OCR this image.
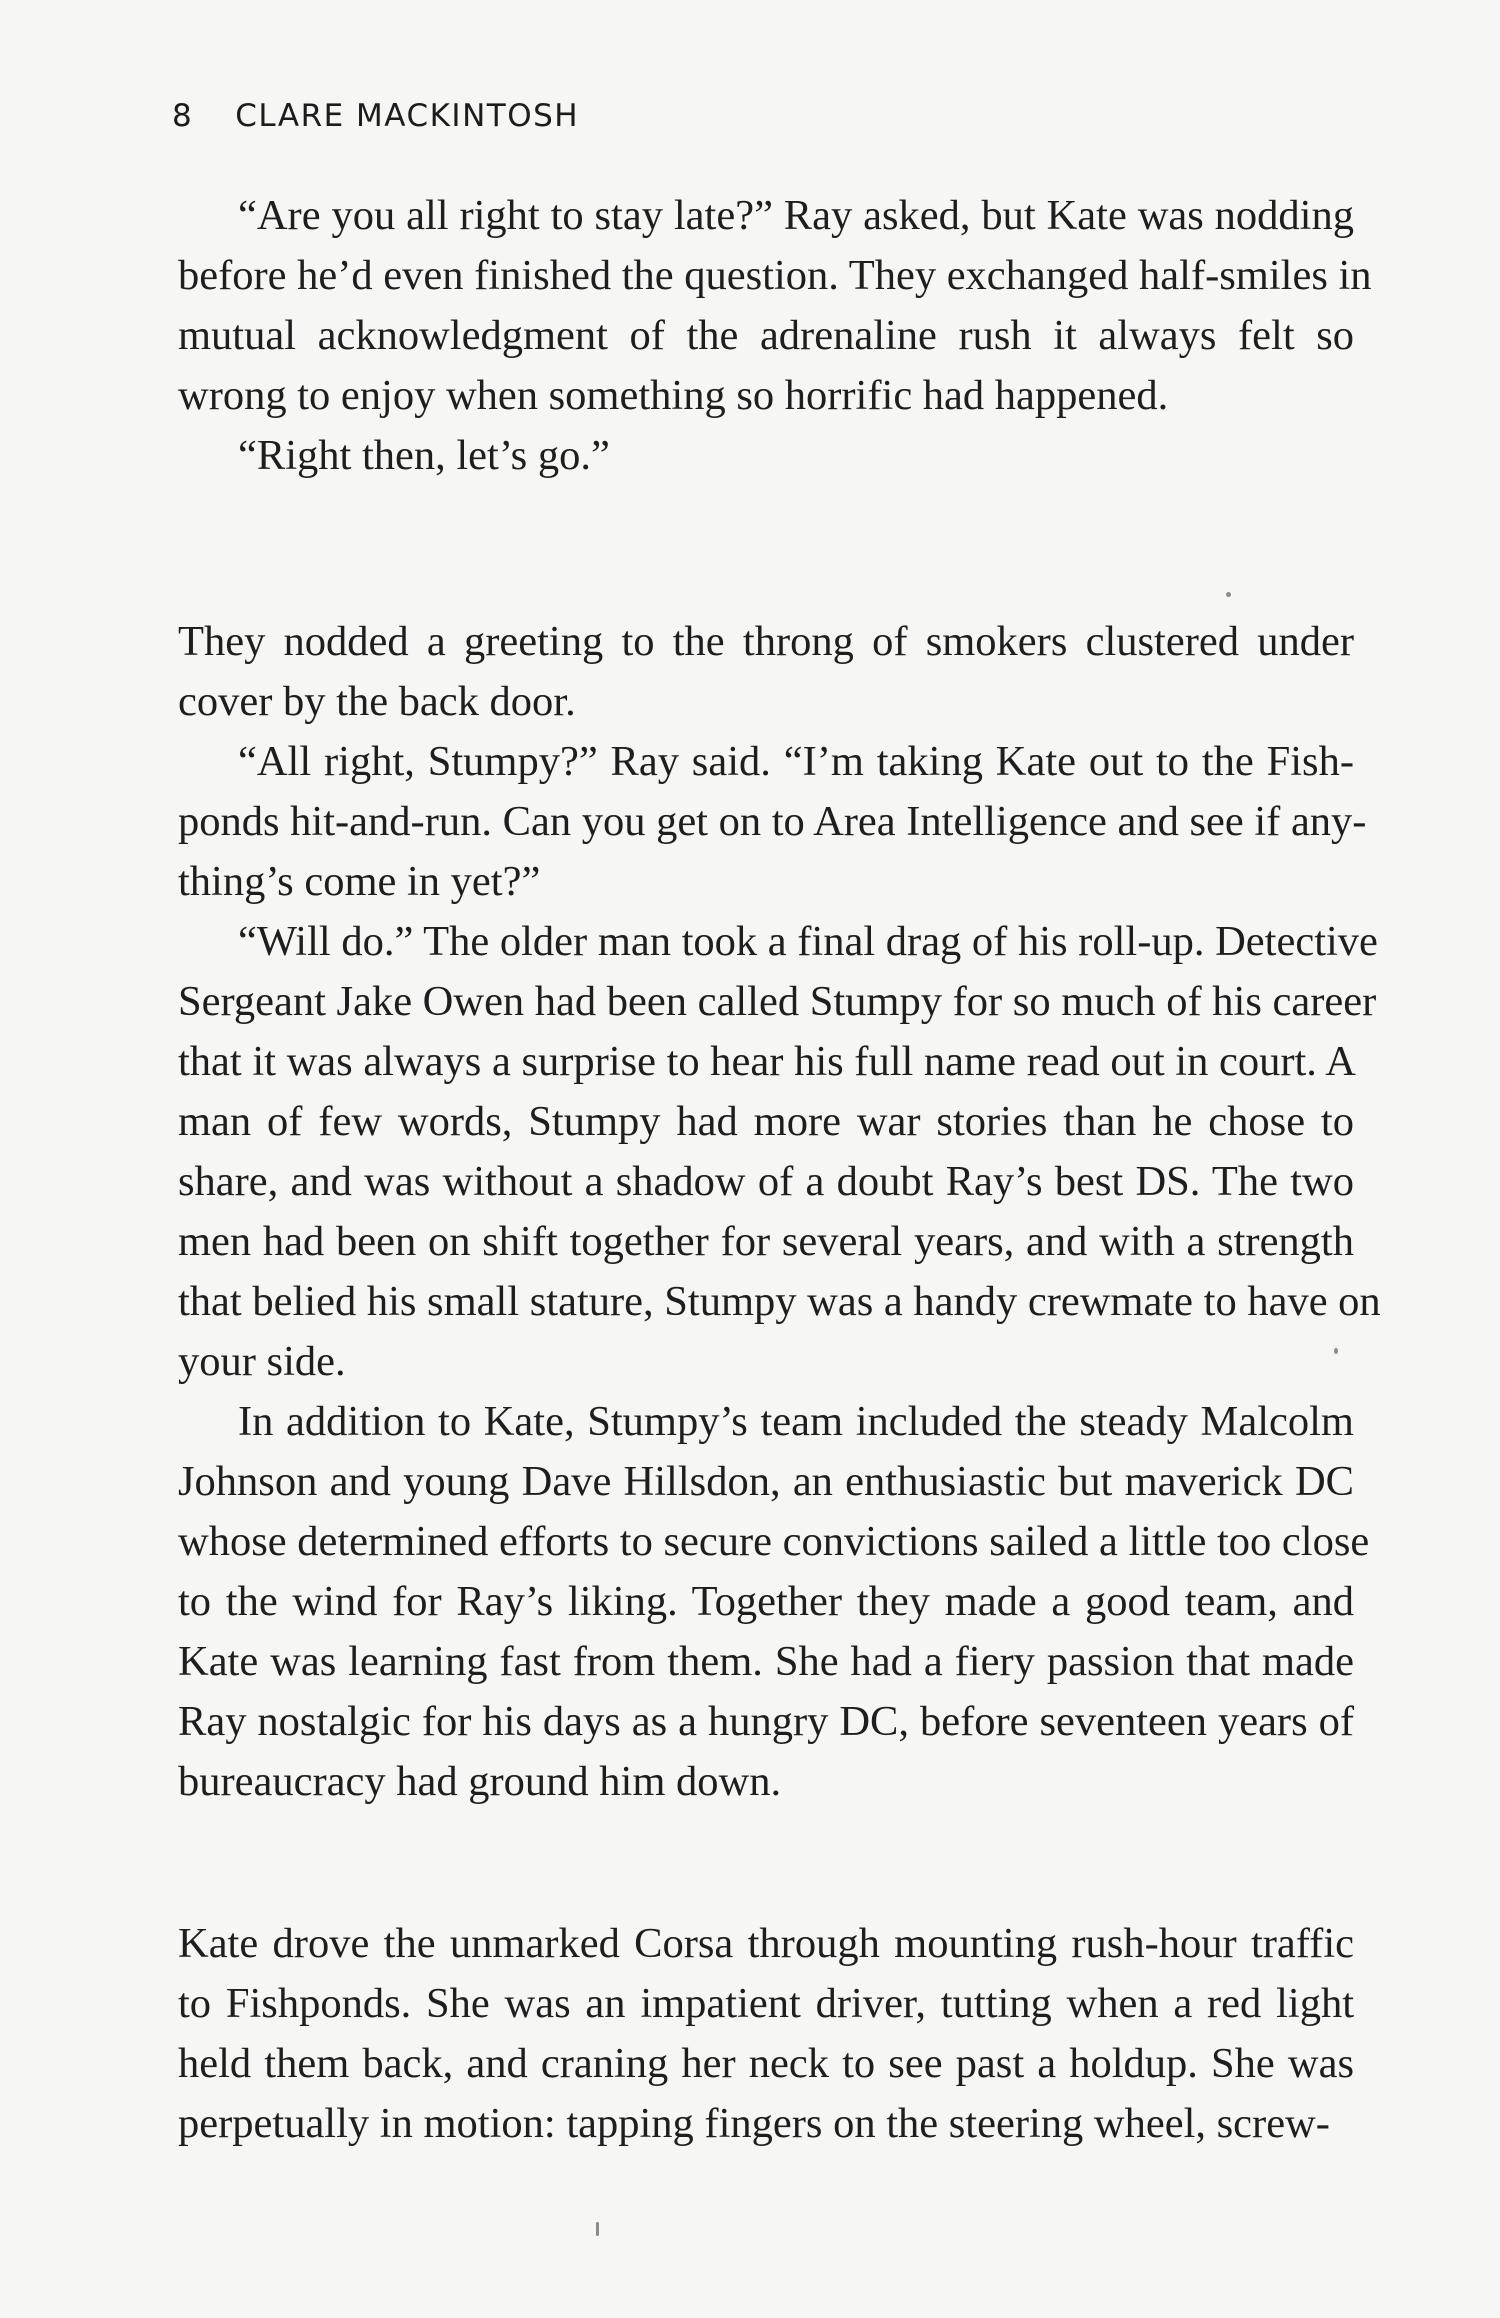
8 CLARE MACKINTOSH
“Are you all right to stay late?” Ray asked, but Kate was nodding
before he’d even finished the question. They exchanged half-smiles in
mutual acknowledgment of the adrenaline rush it always felt so
wrong to enjoy when something so horrific had happened.
“Right then, let’s go.”
They nodded a greeting to the throng of smokers clustered under
cover by the back door.
“All right, Stumpy?” Ray said. “I’m taking Kate out to the Fish-
ponds hit-and-run. Can you get on to Area Intelligence and see if any-
thing’s come in yet?”
“Will do.” The older man took a final drag of his roll-up. Detective
Sergeant Jake Owen had been called Stumpy for so much of his career
that it was always a surprise to hear his full name read out in court. A
man of few words, Stumpy had more war stories than he chose to
share, and was without a shadow of a doubt Ray’s best DS. The two
men had been on shift together for several years, and with a strength
that belied his small stature, Stumpy was a handy crewmate to have on
your side.
In addition to Kate, Stumpy’s team included the steady Malcolm
Johnson and young Dave Hillsdon, an enthusiastic but maverick DC
whose determined efforts to secure convictions sailed a little too close
to the wind for Ray’s liking. Together they made a good team, and
Kate was learning fast from them. She had a fiery passion that made
Ray nostalgic for his days as a hungry DC, before seventeen years of
bureaucracy had ground him down.
Kate drove the unmarked Corsa through mounting rush-hour traffic
to Fishponds. She was an impatient driver, tutting when a red light
held them back, and craning her neck to see past a holdup. She was
perpetually in motion: tapping fingers on the steering wheel, screw-
